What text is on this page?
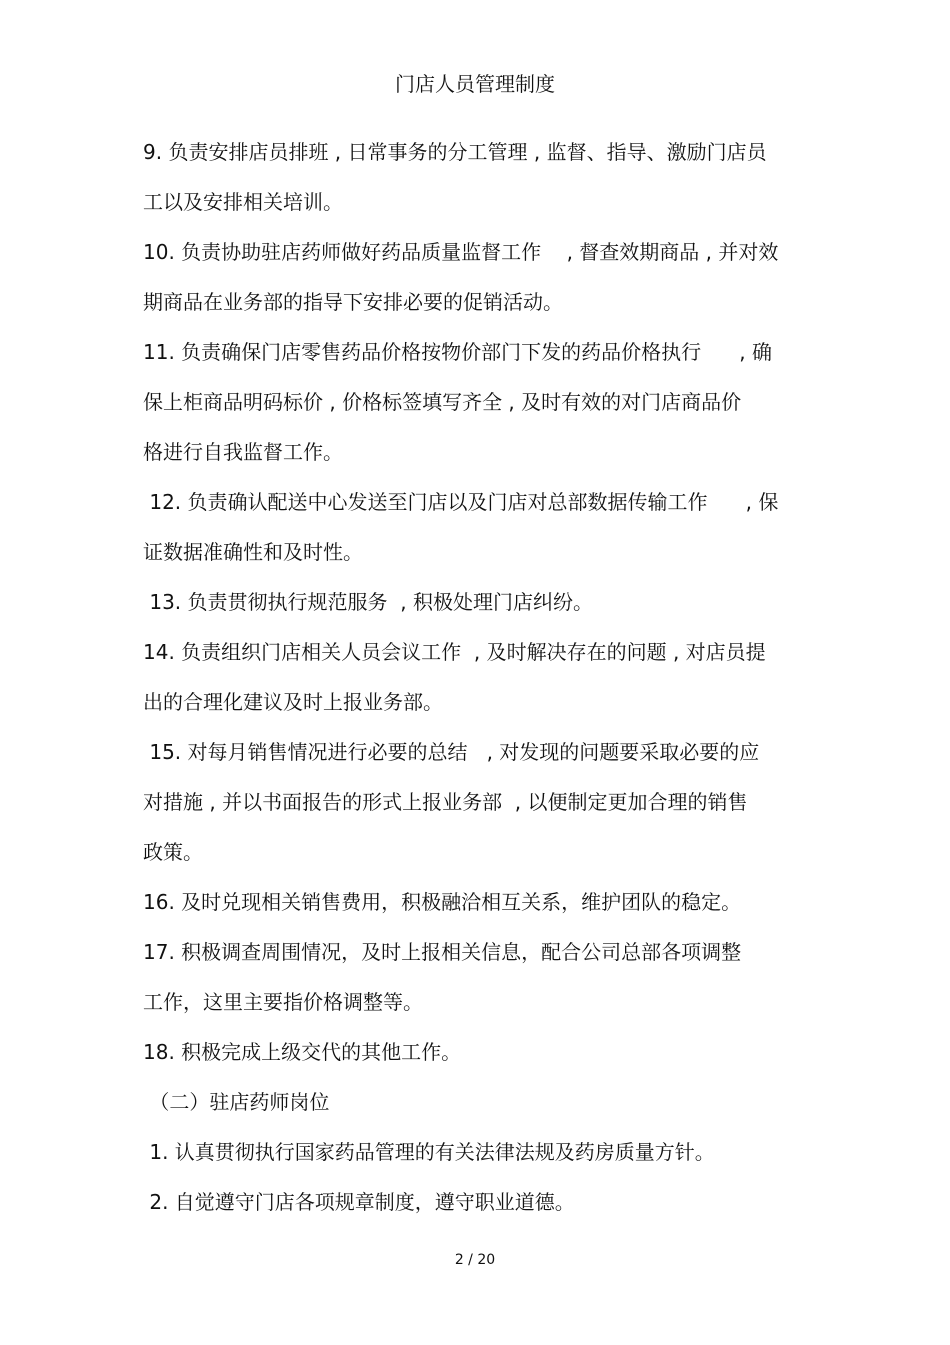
门店人员管理制度
9. 负责安排店员排班 , 日常事务的分工管理 , 监督、指导、激励门店员
工以及安排相关培训。
10. 负责协助驻店药师做好药品质量监督工作    , 督查效期商品 , 并对效
期商品在业务部的指导下安排必要的促销活动。
11. 负责确保门店零售药品价格按物价部门下发的药品价格执行      , 确
保上柜商品明码标价 , 价格标签填写齐全 , 及时有效的对门店商品价
格进行自我监督工作。
12. 负责确认配送中心发送至门店以及门店对总部数据传输工作      , 保
证数据准确性和及时性。
13. 负责贯彻执行规范服务  , 积极处理门店纠纷。
14. 负责组织门店相关人员会议工作  , 及时解决存在的问题 , 对店员提
出的合理化建议及时上报业务部。
15. 对每月销售情况进行必要的总结   , 对发现的问题要采取必要的应
对措施 , 并以书面报告的形式上报业务部  , 以便制定更加合理的销售
政策。
16. 及时兑现相关销售费用，积极融洽相互关系，维护团队的稳定。
17. 积极调查周围情况，及时上报相关信息，配合公司总部各项调整
工作，这里主要指价格调整等。
18. 积极完成上级交代的其他工作。
（二）驻店药师岗位
1. 认真贯彻执行国家药品管理的有关法律法规及药房质量方针。
2. 自觉遵守门店各项规章制度，遵守职业道德。
2 / 20
